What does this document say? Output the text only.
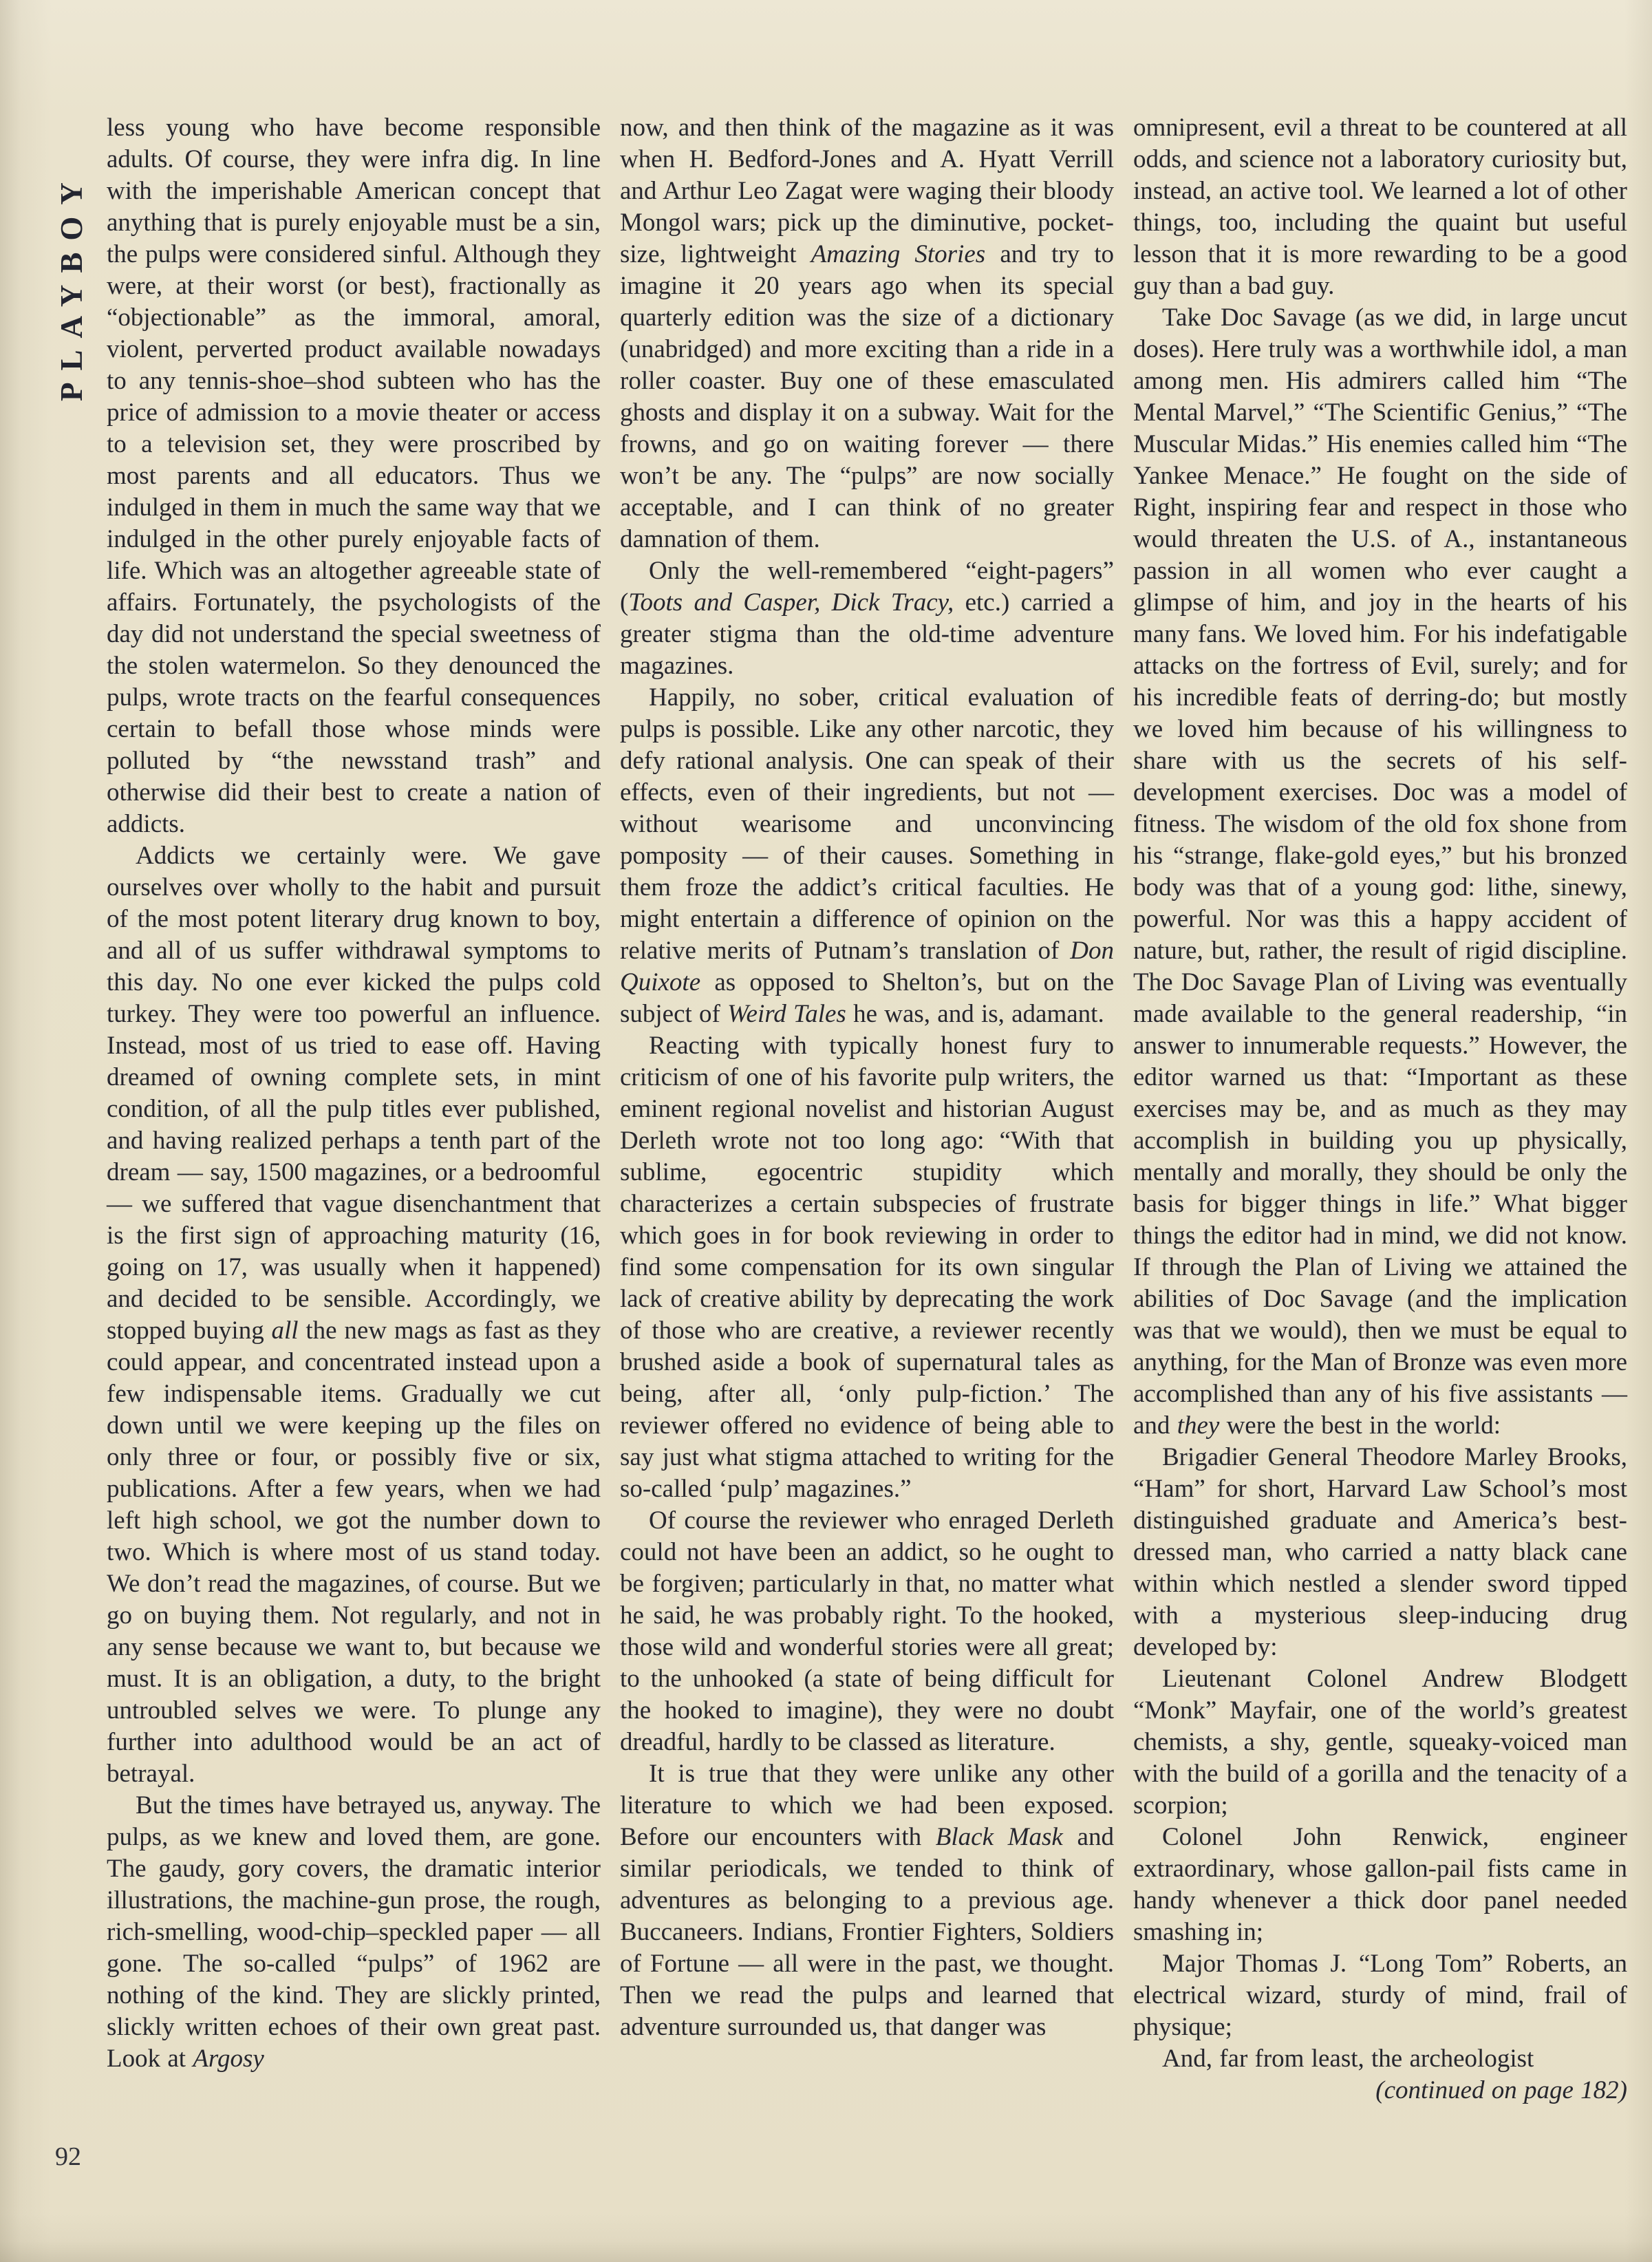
PLAYBOY

less young who have become responsible adults. Of course, they were infra dig. In line with the imperishable American concept that anything that is purely enjoyable must be a sin, the pulps were considered sinful. Although they were, at their worst (or best), fractionally as “objectionable” as the immoral, amoral, violent, perverted product available nowadays to any tennis-shoe–shod subteen who has the price of admission to a movie theater or access to a television set, they were proscribed by most parents and all educators. Thus we indulged in them in much the same way that we indulged in the other purely enjoyable facts of life. Which was an altogether agreeable state of affairs. Fortunately, the psychologists of the day did not understand the special sweetness of the stolen watermelon. So they denounced the pulps, wrote tracts on the fearful consequences certain to befall those whose minds were polluted by “the newsstand trash” and otherwise did their best to create a nation of addicts.

Addicts we certainly were. We gave ourselves over wholly to the habit and pursuit of the most potent literary drug known to boy, and all of us suffer withdrawal symptoms to this day. No one ever kicked the pulps cold turkey. They were too powerful an influence. Instead, most of us tried to ease off. Having dreamed of owning complete sets, in mint condition, of all the pulp titles ever published, and having realized perhaps a tenth part of the dream — say, 1500 magazines, or a bedroomful — we suffered that vague disenchantment that is the first sign of approaching maturity (16, going on 17, was usually when it happened) and decided to be sensible. Accordingly, we stopped buying all the new mags as fast as they could appear, and concentrated instead upon a few indispensable items. Gradually we cut down until we were keeping up the files on only three or four, or possibly five or six, publications. After a few years, when we had left high school, we got the number down to two. Which is where most of us stand today. We don’t read the magazines, of course. But we go on buying them. Not regularly, and not in any sense because we want to, but because we must. It is an obligation, a duty, to the bright untroubled selves we were. To plunge any further into adulthood would be an act of betrayal.

But the times have betrayed us, anyway. The pulps, as we knew and loved them, are gone. The gaudy, gory covers, the dramatic interior illustrations, the machine-gun prose, the rough, rich-smelling, wood-chip–speckled paper — all gone. The so-called “pulps” of 1962 are nothing of the kind. They are slickly printed, slickly written echoes of their own great past. Look at Argosy

now, and then think of the magazine as it was when H. Bedford-Jones and A. Hyatt Verrill and Arthur Leo Zagat were waging their bloody Mongol wars; pick up the diminutive, pocket-size, lightweight Amazing Stories and try to imagine it 20 years ago when its special quarterly edition was the size of a dictionary (unabridged) and more exciting than a ride in a roller coaster. Buy one of these emasculated ghosts and display it on a subway. Wait for the frowns, and go on waiting forever — there won’t be any. The “pulps” are now socially acceptable, and I can think of no greater damnation of them.

Only the well-remembered “eight-pagers” (Toots and Casper, Dick Tracy, etc.) carried a greater stigma than the old-time adventure magazines.

Happily, no sober, critical evaluation of pulps is possible. Like any other narcotic, they defy rational analysis. One can speak of their effects, even of their ingredients, but not — without wearisome and unconvincing pomposity — of their causes. Something in them froze the addict’s critical faculties. He might entertain a difference of opinion on the relative merits of Putnam’s translation of Don Quixote as opposed to Shelton’s, but on the subject of Weird Tales he was, and is, adamant.

Reacting with typically honest fury to criticism of one of his favorite pulp writers, the eminent regional novelist and historian August Derleth wrote not too long ago: “With that sublime, egocentric stupidity which characterizes a certain subspecies of frustrate which goes in for book reviewing in order to find some compensation for its own singular lack of creative ability by deprecating the work of those who are creative, a reviewer recently brushed aside a book of supernatural tales as being, after all, ‘only pulp-fiction.’ The reviewer offered no evidence of being able to say just what stigma attached to writing for the so-called ‘pulp’ magazines.”

Of course the reviewer who enraged Derleth could not have been an addict, so he ought to be forgiven; particularly in that, no matter what he said, he was probably right. To the hooked, those wild and wonderful stories were all great; to the unhooked (a state of being difficult for the hooked to imagine), they were no doubt dreadful, hardly to be classed as literature.

It is true that they were unlike any other literature to which we had been exposed. Before our encounters with Black Mask and similar periodicals, we tended to think of adventures as belonging to a previous age. Buccaneers. Indians, Frontier Fighters, Soldiers of Fortune — all were in the past, we thought. Then we read the pulps and learned that adventure surrounded us, that danger was

omnipresent, evil a threat to be countered at all odds, and science not a laboratory curiosity but, instead, an active tool. We learned a lot of other things, too, including the quaint but useful lesson that it is more rewarding to be a good guy than a bad guy.

Take Doc Savage (as we did, in large uncut doses). Here truly was a worthwhile idol, a man among men. His admirers called him “The Mental Marvel,” “The Scientific Genius,” “The Muscular Midas.” His enemies called him “The Yankee Menace.” He fought on the side of Right, inspiring fear and respect in those who would threaten the U.S. of A., instantaneous passion in all women who ever caught a glimpse of him, and joy in the hearts of his many fans. We loved him. For his indefatigable attacks on the fortress of Evil, surely; and for his incredible feats of derring-do; but mostly we loved him because of his willingness to share with us the secrets of his self-development exercises. Doc was a model of fitness. The wisdom of the old fox shone from his “strange, flake-gold eyes,” but his bronzed body was that of a young god: lithe, sinewy, powerful. Nor was this a happy accident of nature, but, rather, the result of rigid discipline. The Doc Savage Plan of Living was eventually made available to the general readership, “in answer to innumerable requests.” However, the editor warned us that: “Important as these exercises may be, and as much as they may accomplish in building you up physically, mentally and morally, they should be only the basis for bigger things in life.” What bigger things the editor had in mind, we did not know. If through the Plan of Living we attained the abilities of Doc Savage (and the implication was that we would), then we must be equal to anything, for the Man of Bronze was even more accomplished than any of his five assistants — and they were the best in the world:

Brigadier General Theodore Marley Brooks, “Ham” for short, Harvard Law School’s most distinguished graduate and America’s best-dressed man, who carried a natty black cane within which nestled a slender sword tipped with a mysterious sleep-inducing drug developed by:

Lieutenant Colonel Andrew Blodgett “Monk” Mayfair, one of the world’s greatest chemists, a shy, gentle, squeaky-voiced man with the build of a gorilla and the tenacity of a scorpion;

Colonel John Renwick, engineer extraordinary, whose gallon-pail fists came in handy whenever a thick door panel needed smashing in;

Major Thomas J. “Long Tom” Roberts, an electrical wizard, sturdy of mind, frail of physique;

And, far from least, the archeologist

(continued on page 182)

92
